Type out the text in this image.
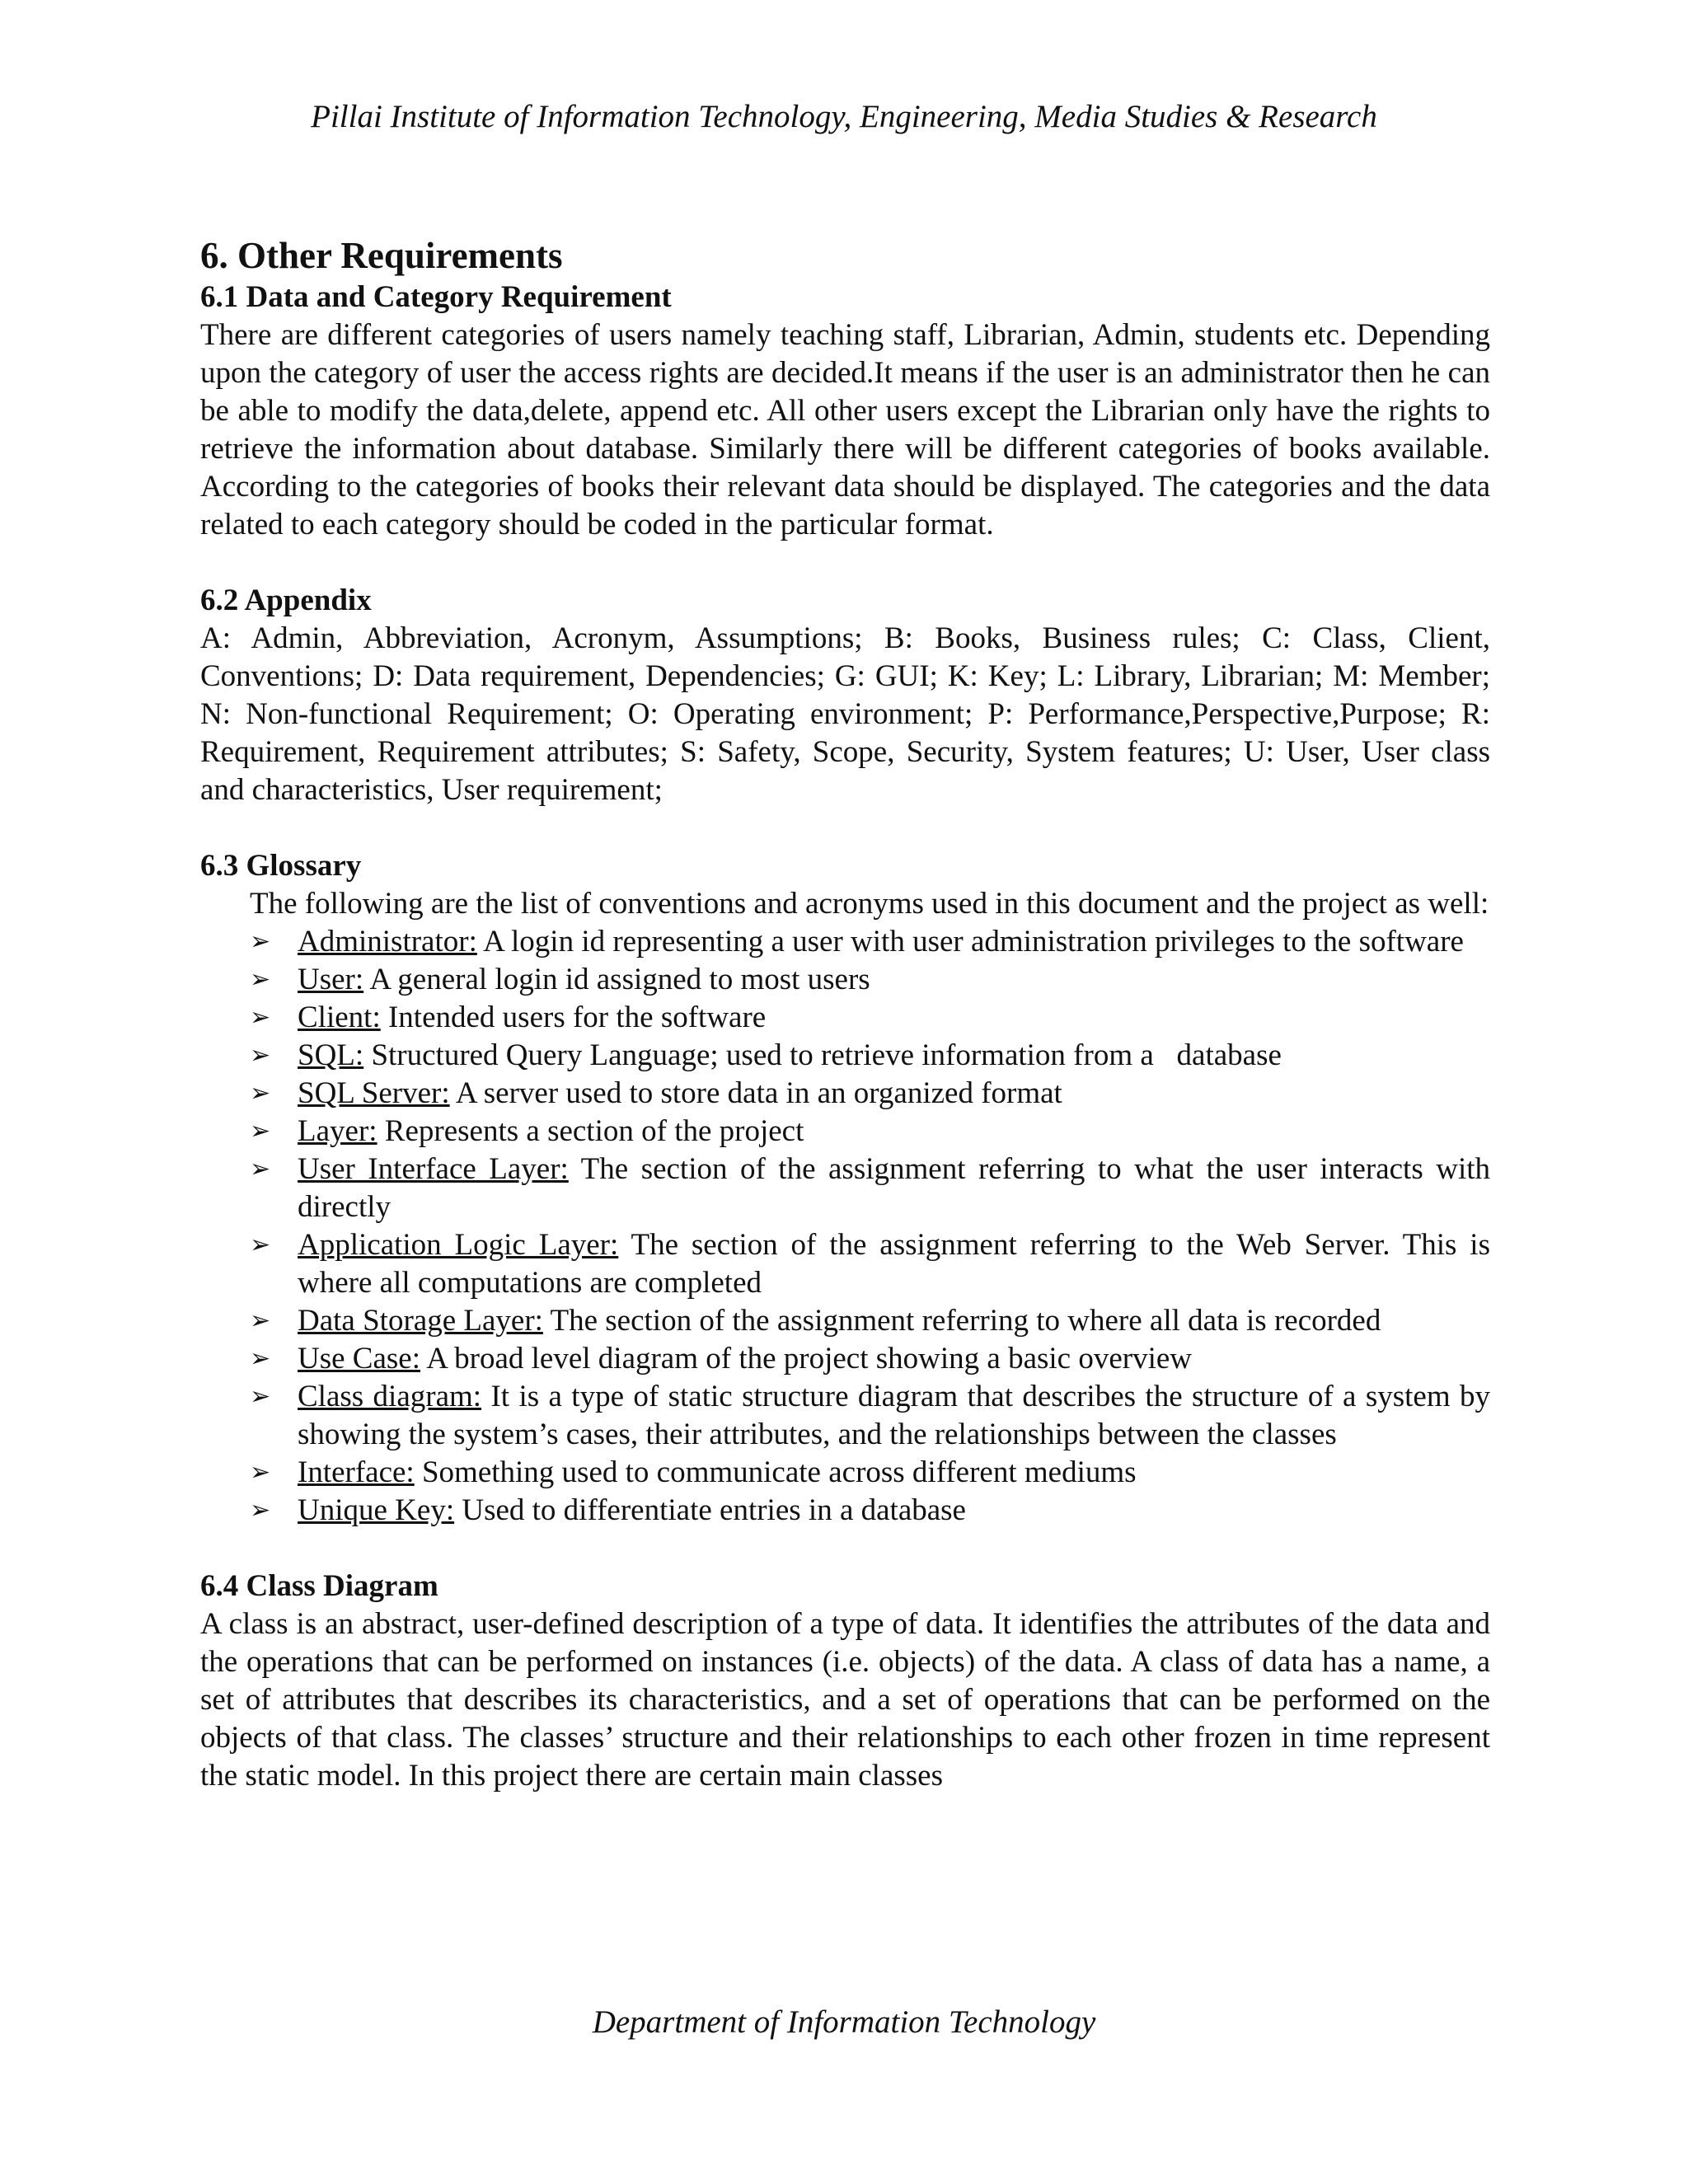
Pillai Institute of Information Technology, Engineering, Media Studies & Research
6. Other Requirements
6.1 Data and Category Requirement

There are different categories of users namely teaching staff, Librarian, Admin, students etc. Depending upon the category of user the access rights are decided.It means if the user is an administrator then he can be able to modify the data,delete, append etc. All other users except the Librarian only have the rights to retrieve the information about database. Similarly there will be different categories of books available. According to the categories of books their relevant data should be displayed. The categories and the data related to each category should be coded in the particular format.

6.2 Appendix

A: Admin, Abbreviation, Acronym, Assumptions; B: Books, Business rules; C: Class, Client, Conventions; D: Data requirement, Dependencies; G: GUI; K: Key; L: Library, Librarian; M: Member; N: Non-functional Requirement; O: Operating environment; P: Performance,Perspective,Purpose; R: Requirement, Requirement attributes; S: Safety, Scope, Security, System features; U: User, User class and characteristics, User requirement;

6.3 Glossary

The following are the list of conventions and acronyms used in this document and the project as well:

➢ Administrator: A login id representing a user with user administration privileges to the software
➢ User: A general login id assigned to most users
➢ Client: Intended users for the software
➢ SQL: Structured Query Language; used to retrieve information from a   database
➢ SQL Server: A server used to store data in an organized format
➢ Layer: Represents a section of the project
➢ User Interface Layer: The section of the assignment referring to what the user interacts with directly
➢ Application Logic Layer: The section of the assignment referring to the Web Server. This is where all computations are completed
➢ Data Storage Layer: The section of the assignment referring to where all data is recorded
➢ Use Case: A broad level diagram of the project showing a basic overview
➢ Class diagram: It is a type of static structure diagram that describes the structure of a system by showing the system’s cases, their attributes, and the relationships between the classes
➢ Interface: Something used to communicate across different mediums
➢ Unique Key: Used to differentiate entries in a database
6.4 Class Diagram

A class is an abstract, user-defined description of a type of data. It identifies the attributes of the data and the operations that can be performed on instances (i.e. objects) of the data. A class of data has a name, a set of attributes that describes its characteristics, and a set of operations that can be performed on the objects of that class. The classes’ structure and their relationships to each other frozen in time represent the static model. In this project there are certain main classes

Department of Information Technology
